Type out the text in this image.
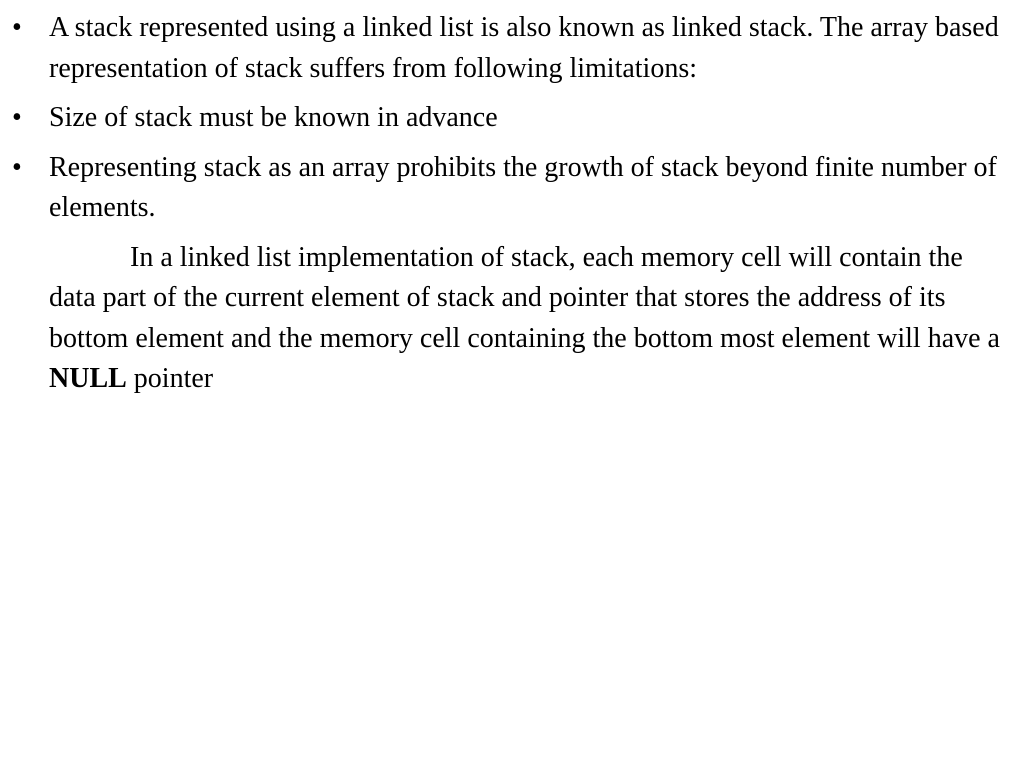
• A stack represented using a linked list is also known as linked stack. The array based representation of stack suffers from following limitations:
• Size of stack must be known in advance
• Representing stack as an array prohibits the growth of stack beyond finite number of elements.

In a linked list implementation of stack, each memory cell will contain the data part of the current element of stack and pointer that stores the address of its bottom element and the memory cell containing the bottom most element will have a NULL pointer
